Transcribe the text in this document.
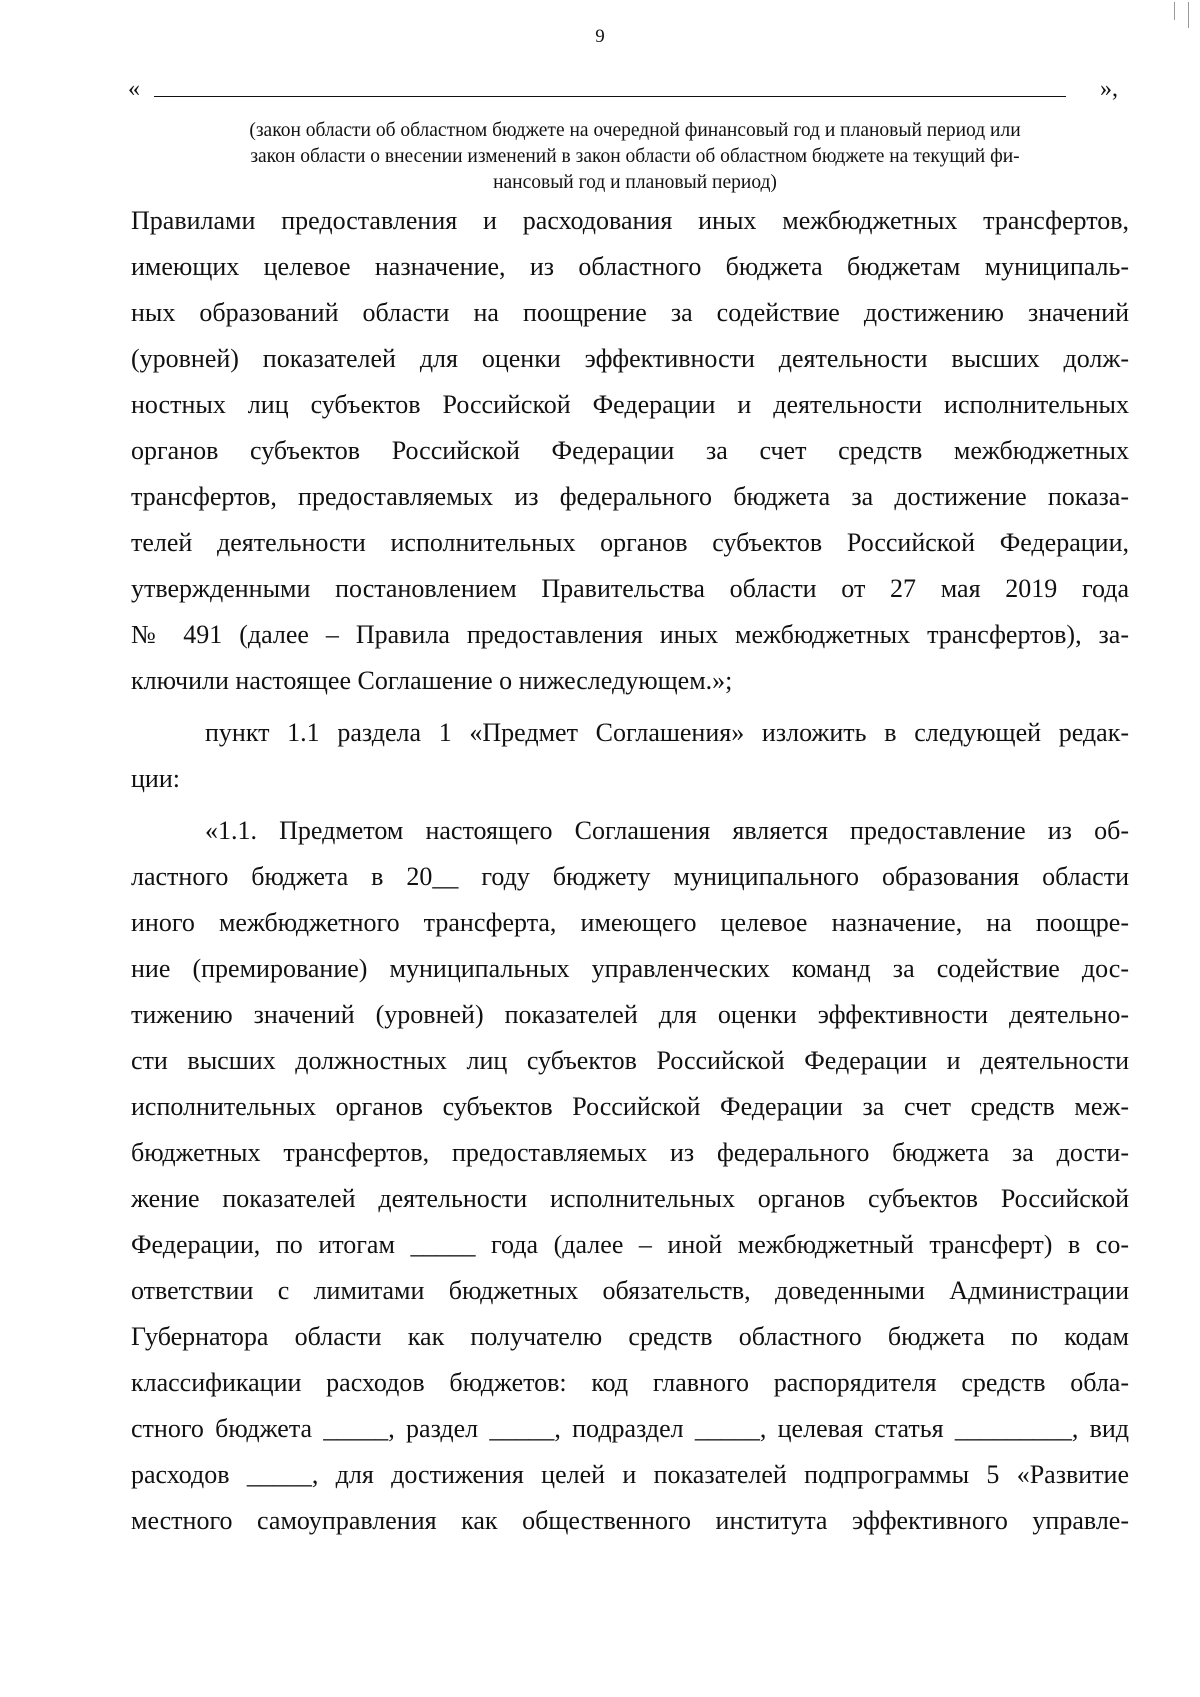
9
«	»,
(закон области об областном бюджете на очередной финансовый год и плановый период или
закон области о внесении изменений в закон области об областном бюджете на текущий фи-
нансовый год и плановый период)
Правилами предоставления и расходования иных межбюджетных трансфертов,
имеющих целевое назначение, из областного бюджета бюджетам муниципаль-
ных образований области на поощрение за содействие достижению значений
(уровней) показателей для оценки эффективности деятельности высших долж-
ностных лиц субъектов Российской Федерации и деятельности исполнительных
органов субъектов Российской Федерации за счет средств межбюджетных
трансфертов, предоставляемых из федерального бюджета за достижение показа-
телей деятельности исполнительных органов субъектов Российской Федерации,
утвержденными постановлением Правительства области от 27 мая 2019 года
№ 491 (далее – Правила предоставления иных межбюджетных трансфертов), за-
ключили настоящее Соглашение о нижеследующем.»;
пункт 1.1 раздела 1 «Предмет Соглашения» изложить в следующей редак-
ции:
«1.1. Предметом настоящего Соглашения является предоставление из об-
ластного бюджета в 20__ году бюджету муниципального образования области
иного межбюджетного трансферта, имеющего целевое назначение, на поощре-
ние (премирование) муниципальных управленческих команд за содействие дос-
тижению значений (уровней) показателей для оценки эффективности деятельно-
сти высших должностных лиц субъектов Российской Федерации и деятельности
исполнительных органов субъектов Российской Федерации за счет средств меж-
бюджетных трансфертов, предоставляемых из федерального бюджета за дости-
жение показателей деятельности исполнительных органов субъектов Российской
Федерации, по итогам _____ года (далее – иной межбюджетный трансферт) в со-
ответствии с лимитами бюджетных обязательств, доведенными Администрации
Губернатора области как получателю средств областного бюджета по кодам
классификации расходов бюджетов: код главного распорядителя средств обла-
стного бюджета _____, раздел _____, подраздел _____, целевая статья _________, вид
расходов _____, для достижения целей и показателей подпрограммы 5 «Развитие
местного самоуправления как общественного института эффективного управле-
